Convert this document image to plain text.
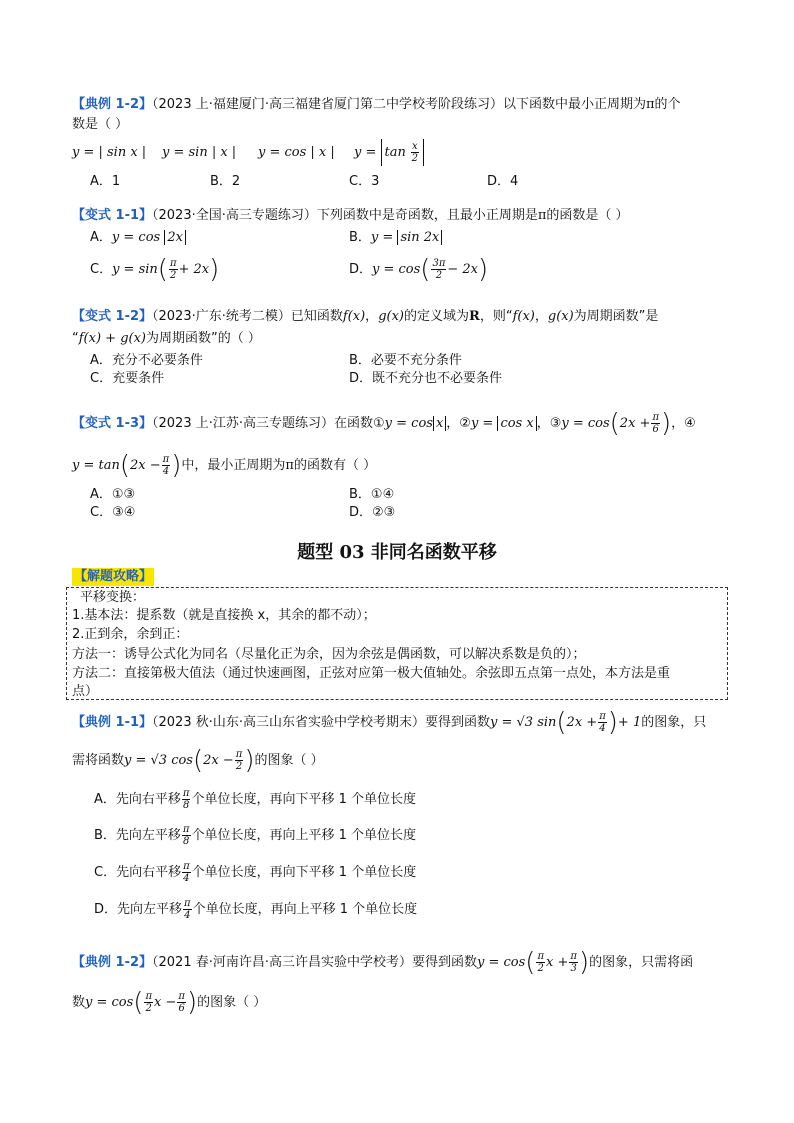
【典例 1-2】（2023 上·福建厦门·高三福建省厦门第二中学校考阶段练习）以下函数中最小正周期为π的个
数是（ ）
y = | sin x | y = sin | x | y = cos | x | $y = \tan \frac{x}{2}$
A．1	B．2	C．3	D．4
【变式 1-1】（2023·全国·高三专题练习）下列函数中是奇函数，且最小正周期是π的函数是（ ）
A．y = cos 2x	B．y = sin 2x
C．$y = \sin( \frac{\pi}{2} + 2x)$	D．$y = \cos( \frac{3\pi}{2} - 2x)$
【变式 1-2】（2023·广东·统考二模）已知函数f(x)，g(x)的定义域为R，则“f(x)，g(x)为周期函数”是
“f(x) + g(x)为周期函数”的（ ）
A．充分不必要条件	B．必要不充分条件
C．充要条件	D．既不充分也不必要条件
【变式 1-3】（2023 上·江苏·高三专题练习）在函数①y = cos x ，②y = cos x ，③y = $\cos(2x + \frac{\pi}{6}$ )，④
$y = \tan(2x - \frac{\pi}{4}$ )中，最小正周期为π的函数有（ ）
A．①③	B．①④
C．③④	D．②③
题型 03 非同名函数平移
【解题攻略】
平移变换：
1.基本法：提系数（就是直接换 x，其余的都不动）；
2.正到余，余到正：
方法一：诱导公式化为同名（尽量化正为余，因为余弦是偶函数，可以解决系数是负的）；
方法二：直接第极大值法（通过快速画图，正弦对应第一极大值轴处。余弦即五点第一点处，本方法是重
点）
【典例 1-1】（2023 秋·山东·高三山东省实验中学校考期末）要得到函数y = √3 $\sin(2x + \frac{\pi}{4}$ )+ 1的图象，只
需将函数y = √3 $\cos(2x - \frac{\pi}{2}$ )的图象（ ）
A．先向右平移 $\frac{\pi}{8}$ 个单位长度，再向下平移 1 个单位长度
B．先向左平移 $\frac{\pi}{8}$ 个单位长度，再向上平移 1 个单位长度
C．先向右平移 $\frac{\pi}{4}$ 个单位长度，再向下平移 1 个单位长度
D．先向左平移 $\frac{\pi}{4}$ 个单位长度，再向上平移 1 个单位长度
【典例 1-2】（2021 春·河南许昌·高三许昌实验中学校考）要得到函数$y = \cos( \frac{\pi}{2}$ $x + \frac{\pi}{3}$ )的图象，只需将函
数$y = \cos( \frac{\pi}{2}$ $x - \frac{\pi}{6}$ )的图象（ ）
